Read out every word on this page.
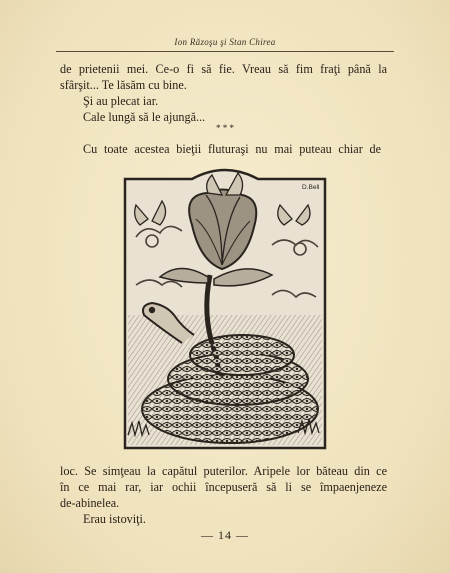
Ion Răzoşu şi Stan Chirea
de prietenii mei. Ce-o fi să fie. Vreau să fim fraţi până la
sfârşit... Te lăsăm cu bine.
Şi au plecat iar.
Cale lungă să le ajungă...
* * *
Cu toate acestea bieţii fluturaşi nu mai puteau chiar de
D.Bell
loc. Se simţeau la capătul puterilor. Aripele lor băteau din ce
în ce mai rar, iar ochii începuseră să li se împaenjeneze
de-abinelea.
Erau istoviţi.
— 14 —
